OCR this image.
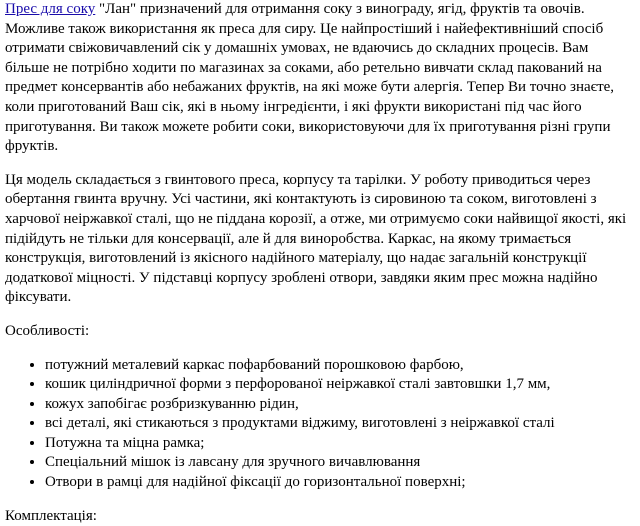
Прес для соку "Лан" призначений для отримання соку з винограду, ягід, фруктів та овочів. Можливе також використання як преса для сиру. Це найпростіший і найефективніший спосіб отримати свіжовичавлений сік у домашніх умовах, не вдаючись до складних процесів. Вам більше не потрібно ходити по магазинах за соками, або ретельно вивчати склад пакований на предмет консервантів або небажаних фруктів, на які може бути алергія. Тепер Ви точно знаєте, коли приготований Ваш сік, які в ньому інгредієнти, і які фрукти використані під час його приготування. Ви також можете робити соки, використовуючи для їх приготування різні групи фруктів.

Ця модель складається з гвинтового преса, корпусу та тарілки. У роботу приводиться через обертання гвинта вручну. Усі частини, які контактують із сировиною та соком, виготовлені з харчової неіржавкої сталі, що не піддана корозії, а отже, ми отримуємо соки найвищої якості, які підійдуть не тільки для консервації, але й для виноробства. Каркас, на якому тримається конструкція, виготовлений із якісного надійного матеріалу, що надає загальній конструкції додаткової міцності. У підставці корпусу зроблені отвори, завдяки яким прес можна надійно фіксувати.

Особливості:

• потужний металевий каркас пофарбований порошковою фарбою,
• кошик циліндричної форми з перфорованої неіржавкої сталі завтовшки 1,7 мм,
• кожух запобігає розбризкуванню рідин,
• всі деталі, які стикаються з продуктами віджиму, виготовлені з неіржавкої сталі
• Потужна та міцна рамка;
• Спеціальний мішок із лавсану для зручного вичавлювання
• Отвори в рамці для надійної фіксації до горизонтальної поверхні;

Комплектація:
